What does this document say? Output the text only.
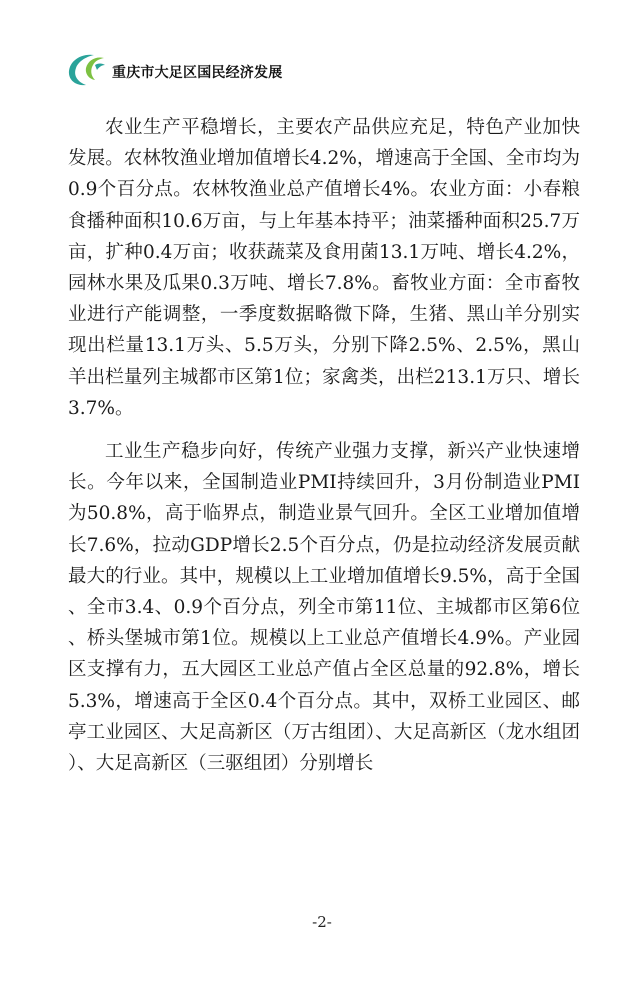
重庆市大足区国民经济发展

农业生产平稳增长，主要农产品供应充足，特色产业加快发展。农林牧渔业增加值增长4.2%，增速高于全国、全市均为0.9个百分点。农林牧渔业总产值增长4%。农业方面：小春粮食播种面积10.6万亩，与上年基本持平；油菜播种面积25.7万亩，扩种0.4万亩；收获蔬菜及食用菌13.1万吨、增长4.2%，园林水果及瓜果0.3万吨、增长7.8%。畜牧业方面：全市畜牧业进行产能调整，一季度数据略微下降，生猪、黑山羊分别实现出栏量13.1万头、5.5万头，分别下降2.5%、2.5%，黑山羊出栏量列主城都市区第1位；家禽类，出栏213.1万只、增长3.7%。

工业生产稳步向好，传统产业强力支撑，新兴产业快速增长。今年以来，全国制造业PMI持续回升，3月份制造业PMI为50.8%，高于临界点，制造业景气回升。全区工业增加值增长7.6%，拉动GDP增长2.5个百分点，仍是拉动经济发展贡献最大的行业。其中，规模以上工业增加值增长9.5%，高于全国、全市3.4、0.9个百分点，列全市第11位、主城都市区第6位、桥头堡城市第1位。规模以上工业总产值增长4.9%。产业园区支撑有力，五大园区工业总产值占全区总量的92.8%，增长5.3%，增速高于全区0.4个百分点。其中，双桥工业园区、邮亭工业园区、大足高新区（万古组团）、大足高新区（龙水组团）、大足高新区（三驱组团）分别增长

-2-
